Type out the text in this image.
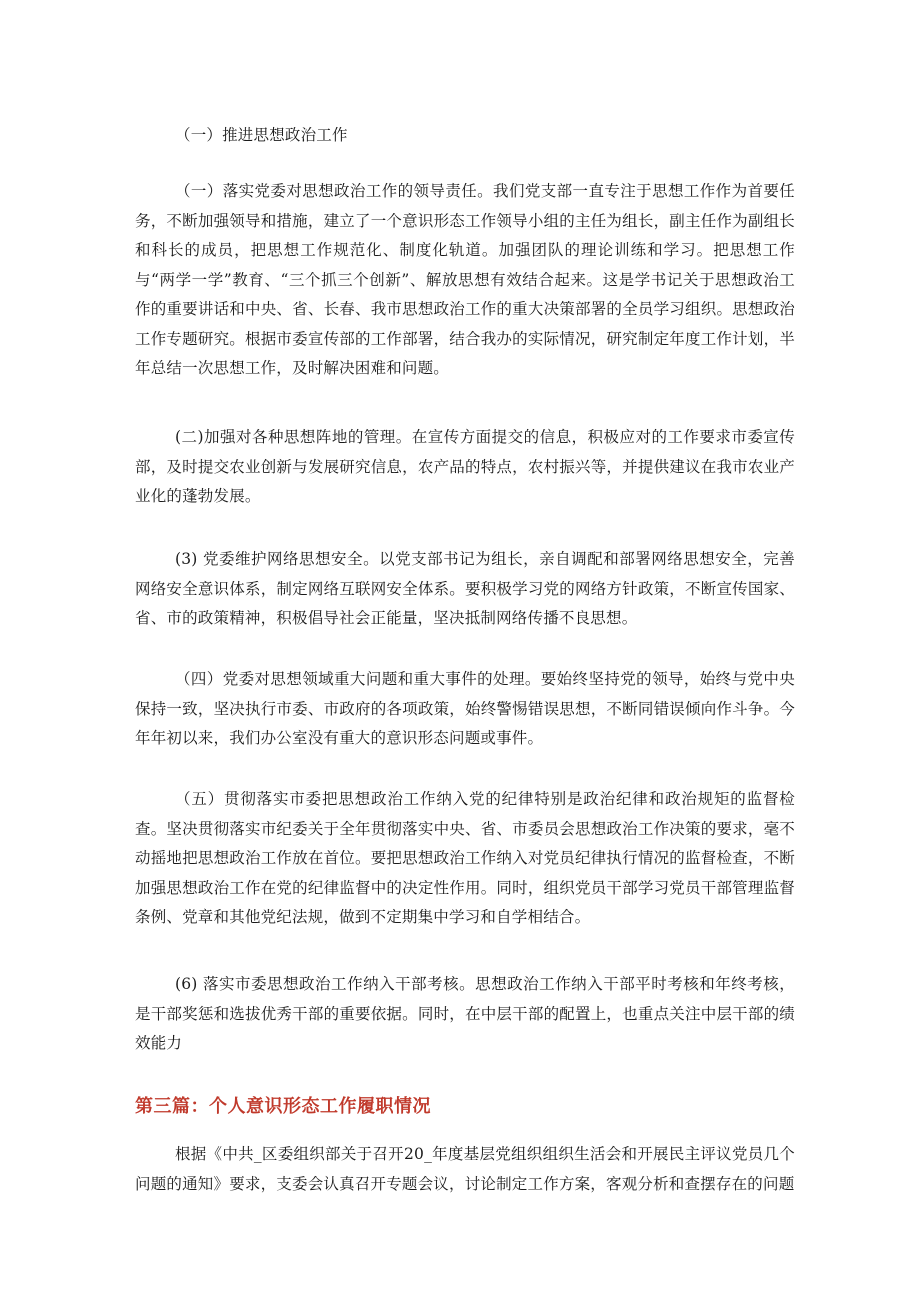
（一）推进思想政治工作

（一）落实党委对思想政治工作的领导责任。我们党支部一直专注于思想工作作为首要任务，不断加强领导和措施，建立了一个意识形态工作领导小组的主任为组长，副主任作为副组长和科长的成员，把思想工作规范化、制度化轨道。加强团队的理论训练和学习。把思想工作与“两学一学”教育、“三个抓三个创新”、解放思想有效结合起来。这是学书记关于思想政治工作的重要讲话和中央、省、长春、我市思想政治工作的重大决策部署的全员学习组织。思想政治工作专题研究。根据市委宣传部的工作部署，结合我办的实际情况，研究制定年度工作计划，半年总结一次思想工作，及时解决困难和问题。

(二)加强对各种思想阵地的管理。在宣传方面提交的信息，积极应对的工作要求市委宣传部，及时提交农业创新与发展研究信息，农产品的特点，农村振兴等，并提供建议在我市农业产业化的蓬勃发展。

(3) 党委维护网络思想安全。以党支部书记为组长，亲自调配和部署网络思想安全，完善网络安全意识体系，制定网络互联网安全体系。要积极学习党的网络方针政策，不断宣传国家、省、市的政策精神，积极倡导社会正能量，坚决抵制网络传播不良思想。

（四）党委对思想领域重大问题和重大事件的处理。要始终坚持党的领导，始终与党中央保持一致，坚决执行市委、市政府的各项政策，始终警惕错误思想，不断同错误倾向作斗争。今年年初以来，我们办公室没有重大的意识形态问题或事件。

（五）贯彻落实市委把思想政治工作纳入党的纪律特别是政治纪律和政治规矩的监督检查。坚决贯彻落实市纪委关于全年贯彻落实中央、省、市委员会思想政治工作决策的要求，毫不动摇地把思想政治工作放在首位。要把思想政治工作纳入对党员纪律执行情况的监督检查，不断加强思想政治工作在党的纪律监督中的决定性作用。同时，组织党员干部学习党员干部管理监督条例、党章和其他党纪法规，做到不定期集中学习和自学相结合。

(6) 落实市委思想政治工作纳入干部考核。思想政治工作纳入干部平时考核和年终考核，是干部奖惩和选拔优秀干部的重要依据。同时，在中层干部的配置上，也重点关注中层干部的绩效能力

第三篇：个人意识形态工作履职情况

根据《中共_区委组织部关于召开20_年度基层党组织组织生活会和开展民主评议党员几个问题的通知》要求，支委会认真召开专题会议，讨论制定工作方案，客观分析和查摆存在的问题
